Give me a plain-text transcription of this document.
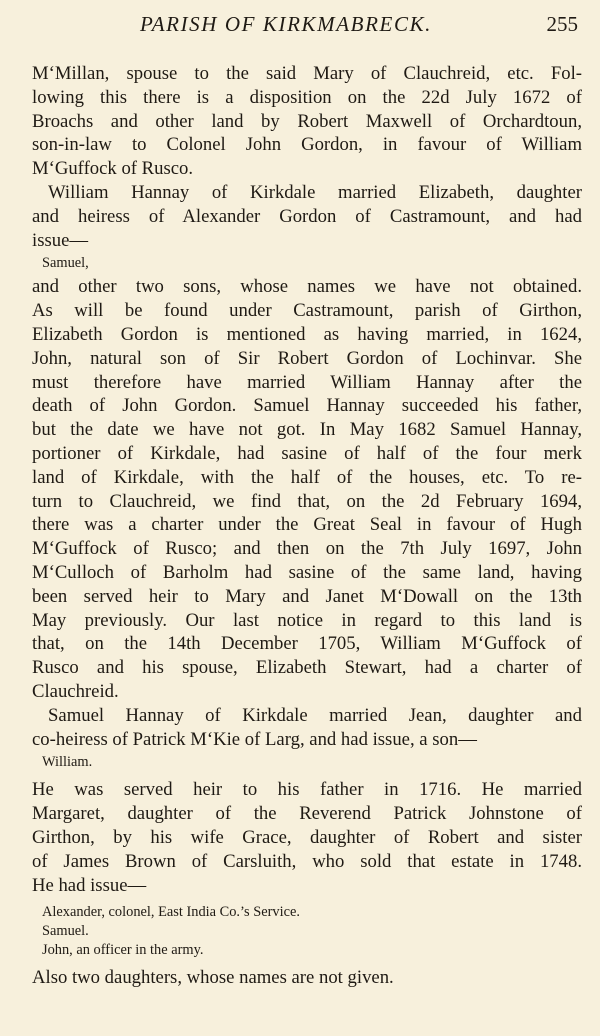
PARISH OF KIRKMABRECK.	255
M‘Millan, spouse to the said Mary of Clauchreid, etc. Fol-
lowing this there is a disposition on the 22d July 1672 of
Broachs and other land by Robert Maxwell of Orchardtoun,
son-in-law to Colonel John Gordon, in favour of William
M‘Guffock of Rusco.
William Hannay of Kirkdale married Elizabeth, daughter
and heiress of Alexander Gordon of Castramount, and had
issue—
Samuel,
and other two sons, whose names we have not obtained.
As will be found under Castramount, parish of Girthon,
Elizabeth Gordon is mentioned as having married, in 1624,
John, natural son of Sir Robert Gordon of Lochinvar. She
must therefore have married William Hannay after the
death of John Gordon. Samuel Hannay succeeded his father,
but the date we have not got. In May 1682 Samuel Hannay,
portioner of Kirkdale, had sasine of half of the four merk
land of Kirkdale, with the half of the houses, etc. To re-
turn to Clauchreid, we find that, on the 2d February 1694,
there was a charter under the Great Seal in favour of Hugh
M‘Guffock of Rusco; and then on the 7th July 1697, John
M‘Culloch of Barholm had sasine of the same land, having
been served heir to Mary and Janet M‘Dowall on the 13th
May previously. Our last notice in regard to this land is
that, on the 14th December 1705, William M‘Guffock of
Rusco and his spouse, Elizabeth Stewart, had a charter of
Clauchreid.
Samuel Hannay of Kirkdale married Jean, daughter and
co-heiress of Patrick M‘Kie of Larg, and had issue, a son—
William.
He was served heir to his father in 1716. He married
Margaret, daughter of the Reverend Patrick Johnstone of
Girthon, by his wife Grace, daughter of Robert and sister
of James Brown of Carsluith, who sold that estate in 1748.
He had issue—
Alexander, colonel, East India Co.’s Service.
Samuel.
John, an officer in the army.
Also two daughters, whose names are not given.
